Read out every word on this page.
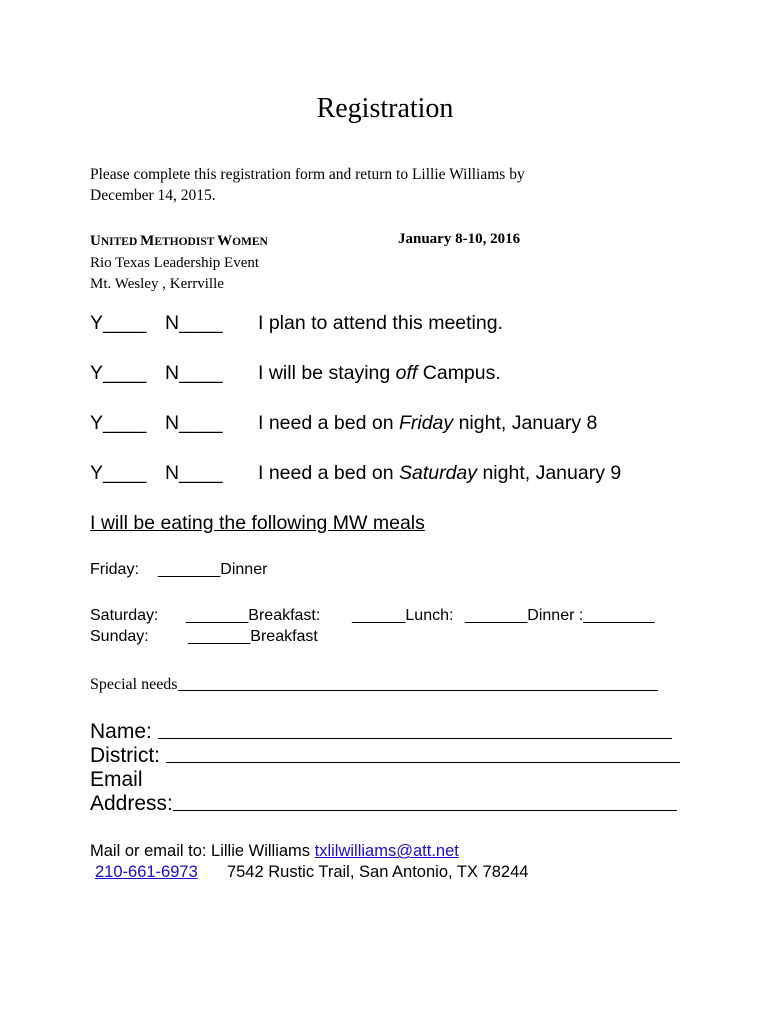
Registration
Please complete this registration form and return to Lillie Williams by
December 14, 2015.
UNITED METHODIST WOMEN
Rio Texas Leadership Event
Mt. Wesley , Kerrville
January 8-10, 2016
Y____ N____ I plan to attend this meeting.
Y____ N____ I will be staying off Campus.
Y____ N____ I need a bed on Friday night, January 8
Y____ N____ I need a bed on Saturday night, January 9
I will be eating the following MW meals
Friday: _______Dinner
Saturday: _______Breakfast: ______Lunch: _______Dinner :________
Sunday: _______Breakfast
Special needs
Name:
District:
Email
Address:
Mail or email to: Lillie Williams txlilwilliams@att.net
210-661-6973 7542 Rustic Trail, San Antonio, TX 78244
